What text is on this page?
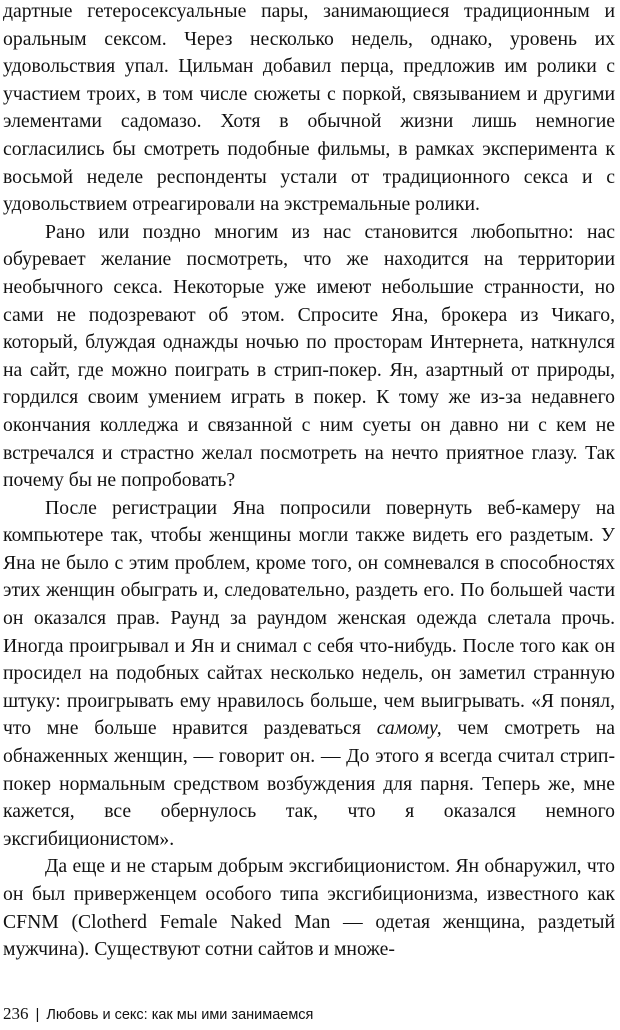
дартные гетеросексуальные пары, занимающиеся традиционным и оральным сексом. Через несколько недель, однако, уровень их удовольствия упал. Цильман добавил перца, предложив им ролики с участием троих, в том числе сюжеты с поркой, связыванием и другими элементами садомазо. Хотя в обычной жизни лишь немногие согласились бы смотреть подобные фильмы, в рамках эксперимента к восьмой неделе респонденты устали от традиционного секса и с удовольствием отреагировали на экстремальные ролики.

Рано или поздно многим из нас становится любопытно: нас обуревает желание посмотреть, что же находится на территории необычного секса. Некоторые уже имеют небольшие странности, но сами не подозревают об этом. Спросите Яна, брокера из Чикаго, который, блуждая однажды ночью по просторам Интернета, наткнулся на сайт, где можно поиграть в стрип-покер. Ян, азартный от природы, гордился своим умением играть в покер. К тому же из-за недавнего окончания колледжа и связанной с ним суеты он давно ни с кем не встречался и страстно желал посмотреть на нечто приятное глазу. Так почему бы не попробовать?

После регистрации Яна попросили повернуть веб-камеру на компьютере так, чтобы женщины могли также видеть его раздетым. У Яна не было с этим проблем, кроме того, он сомневался в способностях этих женщин обыграть и, следовательно, раздеть его. По большей части он оказался прав. Раунд за раундом женская одежда слетала прочь. Иногда проигрывал и Ян и снимал с себя что-нибудь. После того как он просидел на подобных сайтах несколько недель, он заметил странную штуку: проигрывать ему нравилось больше, чем выигрывать. «Я понял, что мне больше нравится раздеваться самому, чем смотреть на обнаженных женщин, — говорит он. — До этого я всегда считал стрип-покер нормальным средством возбуждения для парня. Теперь же, мне кажется, все обернулось так, что я оказался немного эксгибиционистом».

Да еще и не старым добрым эксгибиционистом. Ян обнаружил, что он был приверженцем особого типа эксгибиционизма, известного как CFNM (Clotherd Female Naked Man — одетая женщина, раздетый мужчина). Существуют сотни сайтов и множе-

236 | Любовь и секс: как мы ими занимаемся
